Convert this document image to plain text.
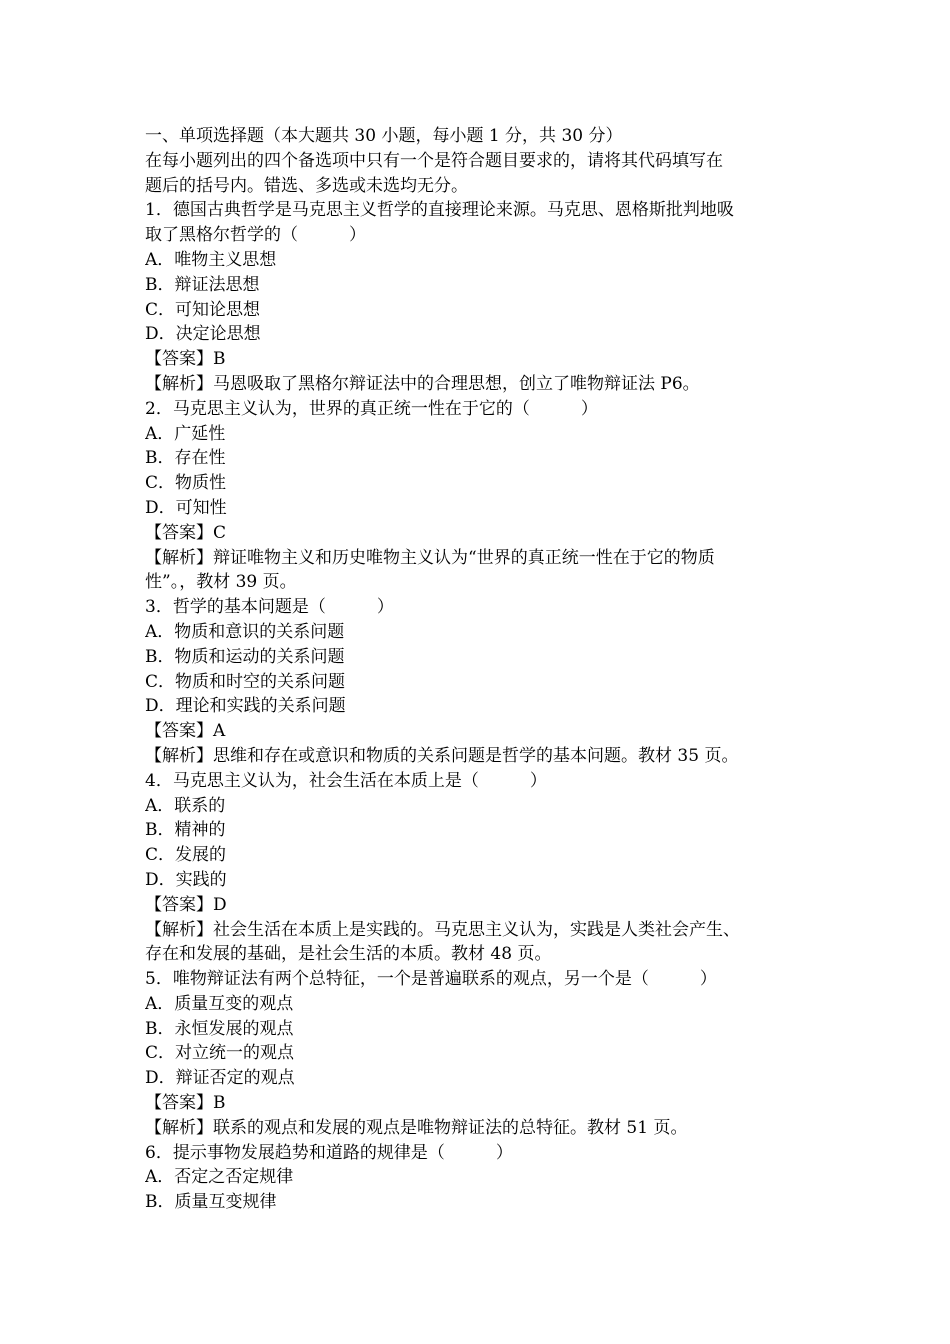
一、单项选择题（本大题共 30 小题，每小题 1 分，共 30 分）
在每小题列出的四个备选项中只有一个是符合题目要求的，请将其代码填写在
题后的括号内。错选、多选或未选均无分。
1．德国古典哲学是马克思主义哲学的直接理论来源。马克思、恩格斯批判地吸
取了黑格尔哲学的（　　　）
A．唯物主义思想
B．辩证法思想
C．可知论思想
D．决定论思想
【答案】B
【解析】马恩吸取了黑格尔辩证法中的合理思想，创立了唯物辩证法 P6。
2．马克思主义认为，世界的真正统一性在于它的（　　　）
A．广延性
B．存在性
C．物质性
D．可知性
【答案】C
【解析】辩证唯物主义和历史唯物主义认为“世界的真正统一性在于它的物质
性”。，教材 39 页。
3．哲学的基本问题是（　　　）
A．物质和意识的关系问题
B．物质和运动的关系问题
C．物质和时空的关系问题
D．理论和实践的关系问题
【答案】A
【解析】思维和存在或意识和物质的关系问题是哲学的基本问题。教材 35 页。
4．马克思主义认为，社会生活在本质上是（　　　）
A．联系的
B．精神的
C．发展的
D．实践的
【答案】D
【解析】社会生活在本质上是实践的。马克思主义认为，实践是人类社会产生、
存在和发展的基础，是社会生活的本质。教材 48 页。
5．唯物辩证法有两个总特征，一个是普遍联系的观点，另一个是（　　　）
A．质量互变的观点
B．永恒发展的观点
C．对立统一的观点
D．辩证否定的观点
【答案】B
【解析】联系的观点和发展的观点是唯物辩证法的总特征。教材 51 页。
6．提示事物发展趋势和道路的规律是（　　　）
A．否定之否定规律
B．质量互变规律
